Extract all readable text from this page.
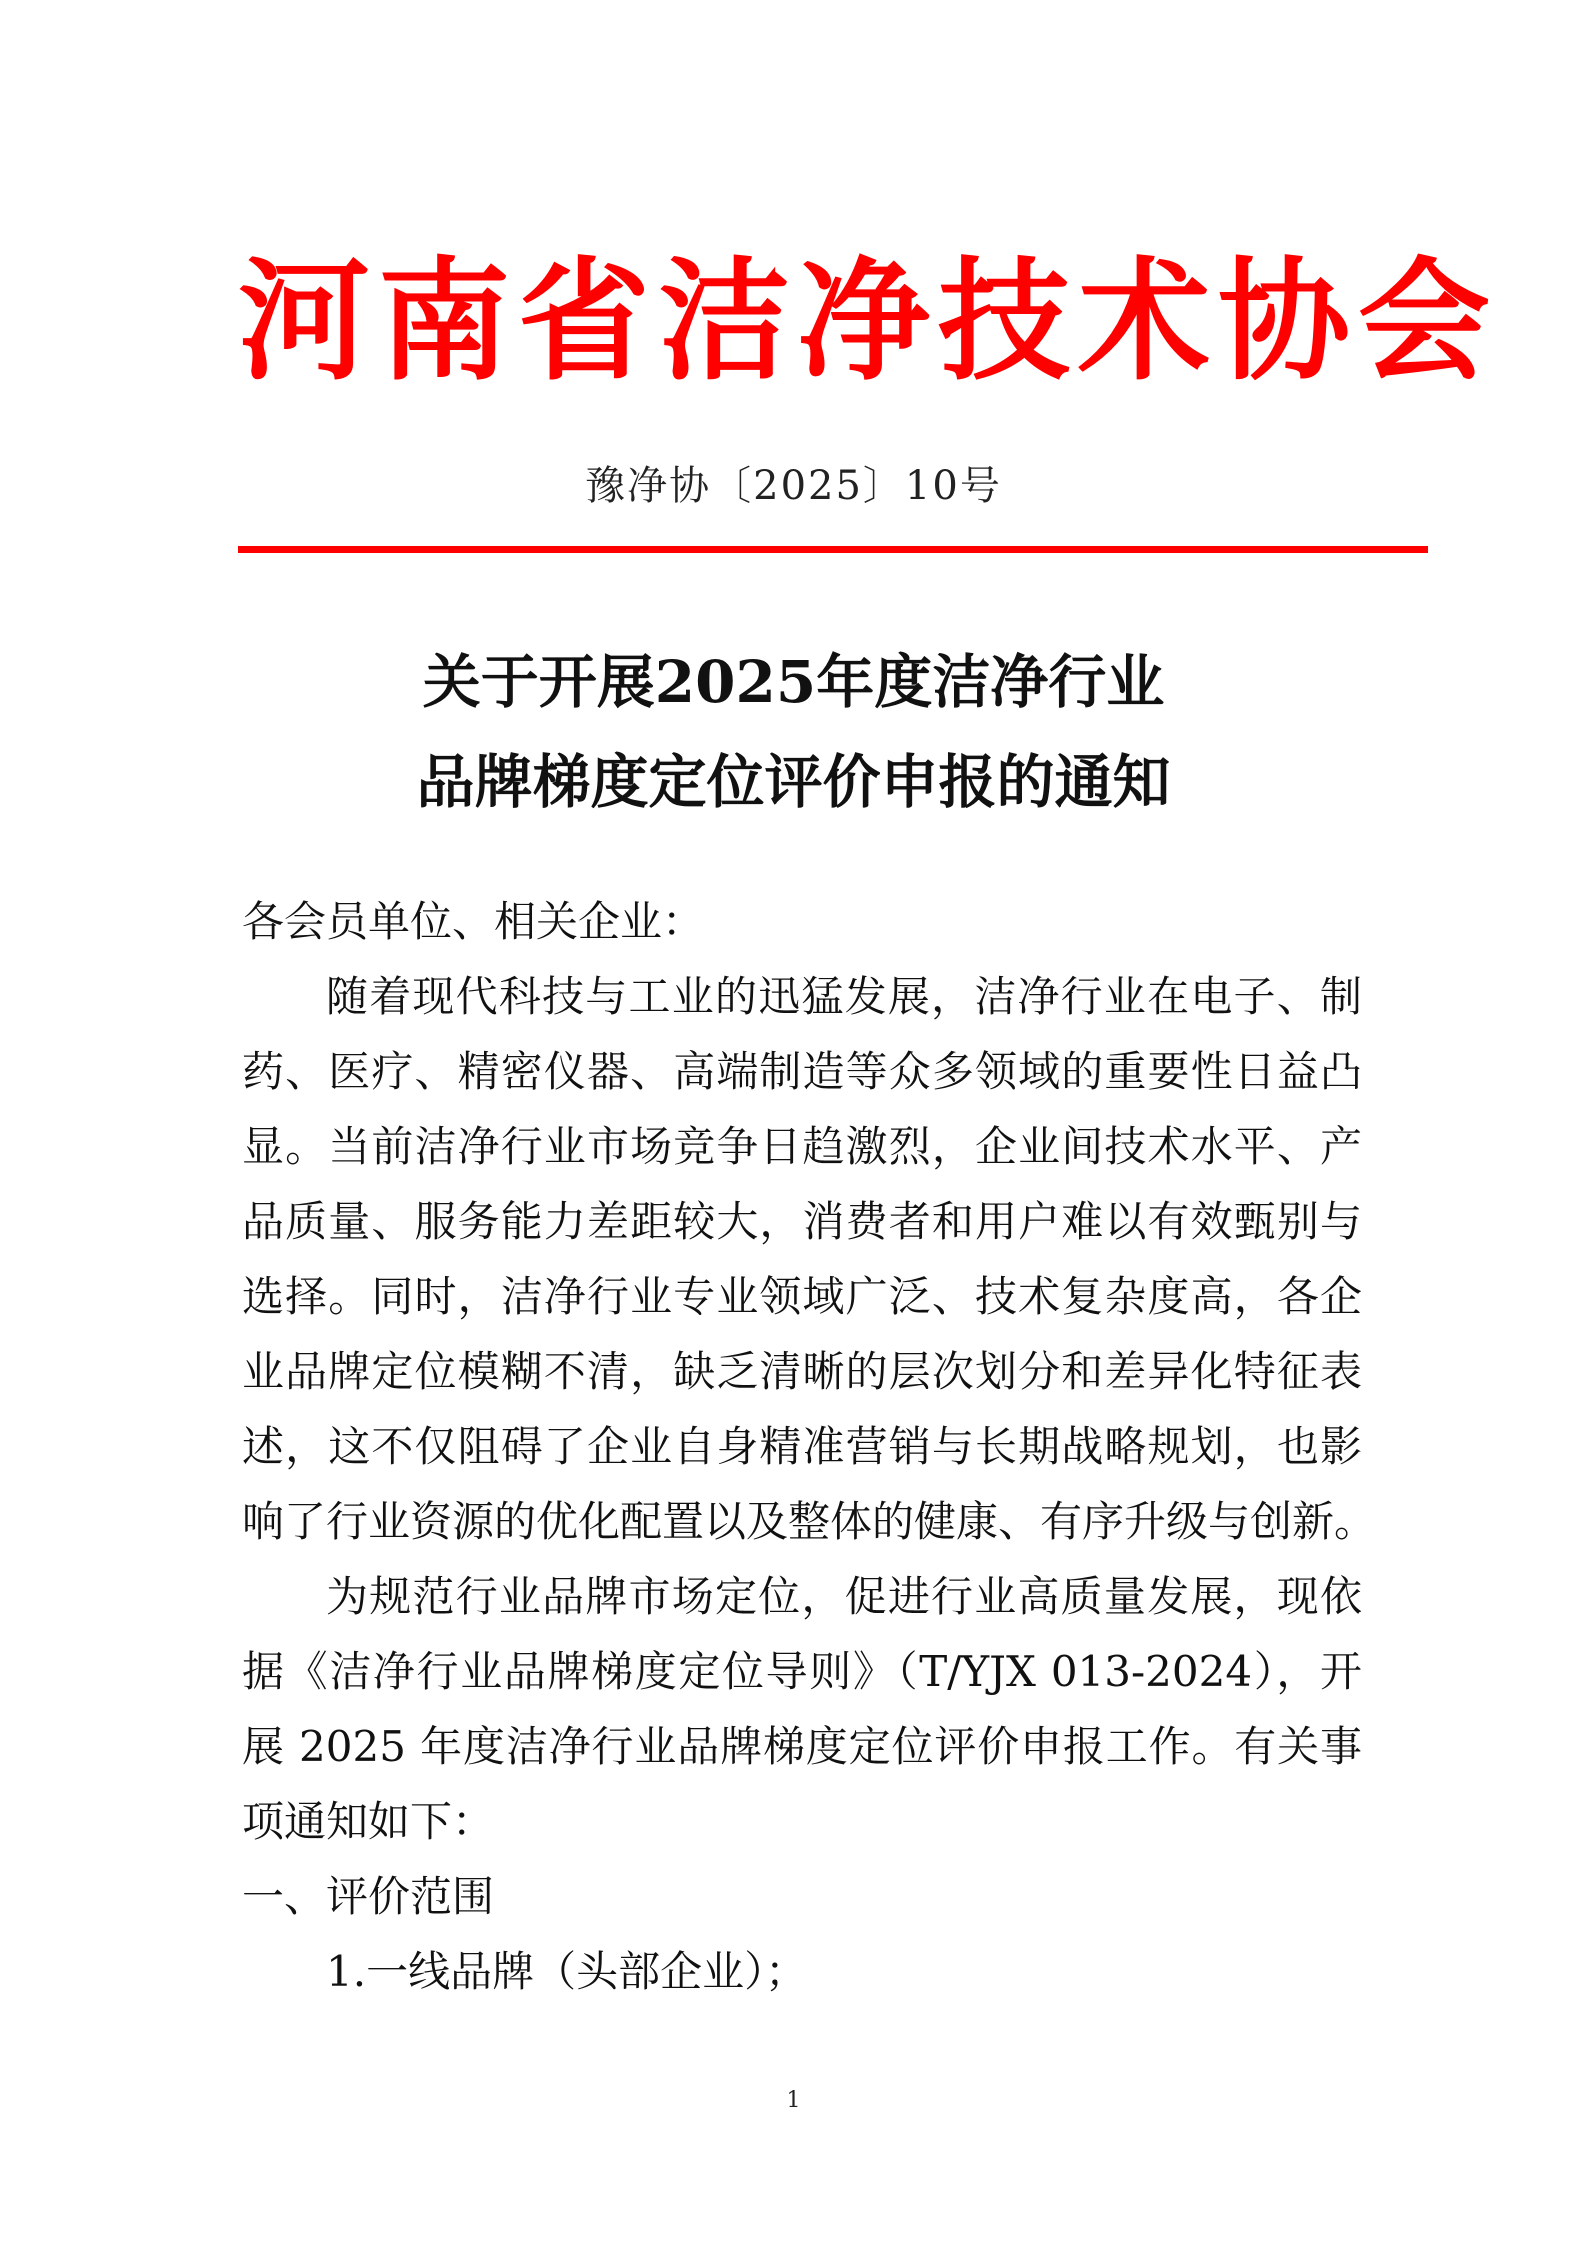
河南省洁净技术协会
豫净协〔2025〕10号
关于开展2025年度洁净行业
品牌梯度定位评价申报的通知
各会员单位、相关企业：
随着现代科技与工业的迅猛发展，洁净行业在电子、制
药、医疗、精密仪器、高端制造等众多领域的重要性日益凸
显。当前洁净行业市场竞争日趋激烈，企业间技术水平、产
品质量、服务能力差距较大，消费者和用户难以有效甄别与
选择。同时，洁净行业专业领域广泛、技术复杂度高，各企
业品牌定位模糊不清，缺乏清晰的层次划分和差异化特征表
述，这不仅阻碍了企业自身精准营销与长期战略规划，也影
响了行业资源的优化配置以及整体的健康、有序升级与创新。
为规范行业品牌市场定位，促进行业高质量发展，现依
据《洁净行业品牌梯度定位导则》（T/YJX 013-2024），开
展 2025 年度洁净行业品牌梯度定位评价申报工作。有关事
项通知如下：
一、评价范围
1.一线品牌（头部企业）；
1
